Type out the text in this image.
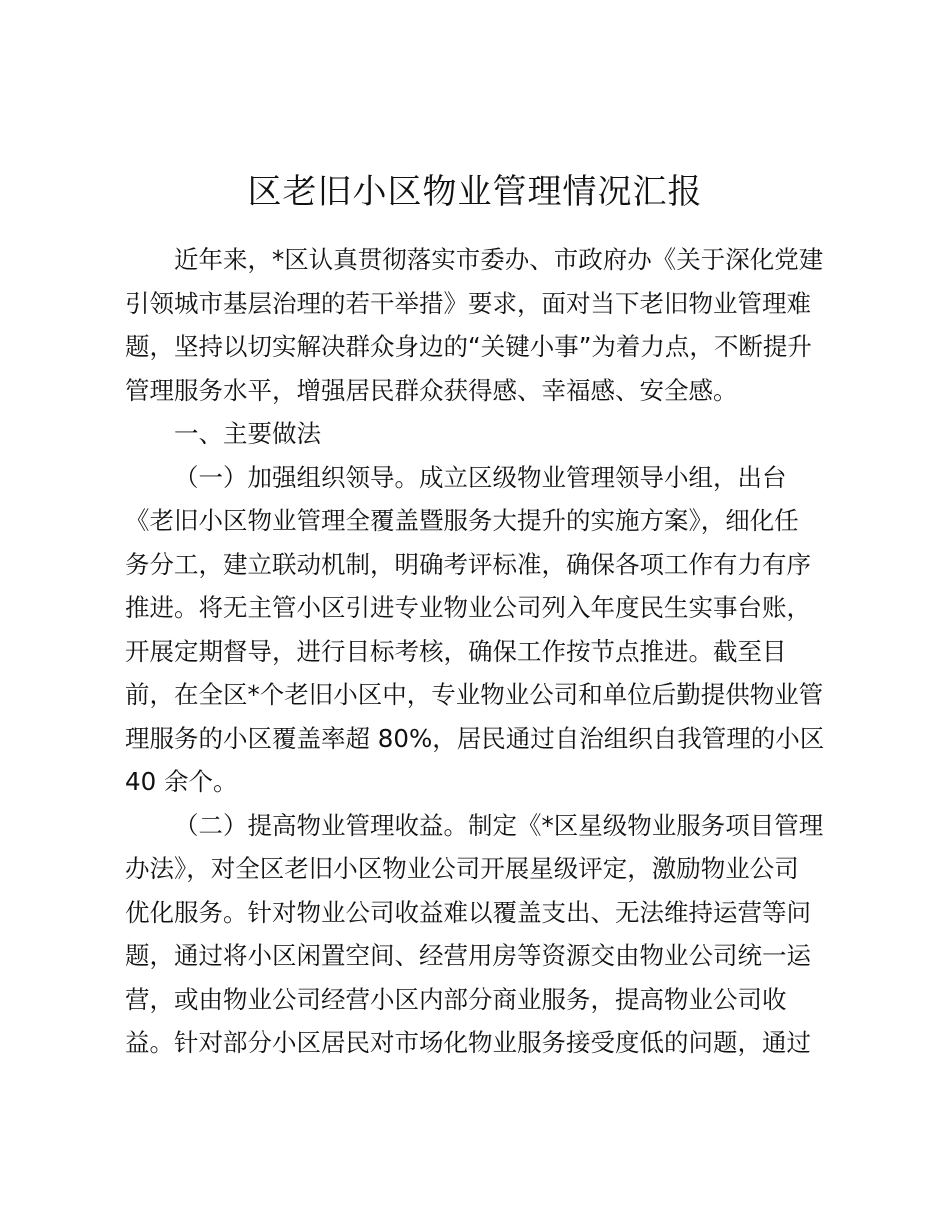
区老旧小区物业管理情况汇报
近年来，*区认真贯彻落实市委办、市政府办《关于深化党建
引领城市基层治理的若干举措》要求，面对当下老旧物业管理难
题，坚持以切实解决群众身边的“关键小事”为着力点，不断提升
管理服务水平，增强居民群众获得感、幸福感、安全感。
一、主要做法
（一）加强组织领导。成立区级物业管理领导小组，出台
《老旧小区物业管理全覆盖暨服务大提升的实施方案》，细化任
务分工，建立联动机制，明确考评标准，确保各项工作有力有序
推进。将无主管小区引进专业物业公司列入年度民生实事台账，
开展定期督导，进行目标考核，确保工作按节点推进。截至目
前，在全区*个老旧小区中，专业物业公司和单位后勤提供物业管
理服务的小区覆盖率超 80%，居民通过自治组织自我管理的小区
40 余个。
（二）提高物业管理收益。制定《*区星级物业服务项目管理
办法》，对全区老旧小区物业公司开展星级评定，激励物业公司
优化服务。针对物业公司收益难以覆盖支出、无法维持运营等问
题，通过将小区闲置空间、经营用房等资源交由物业公司统一运
营，或由物业公司经营小区内部分商业服务，提高物业公司收
益。针对部分小区居民对市场化物业服务接受度低的问题，通过
